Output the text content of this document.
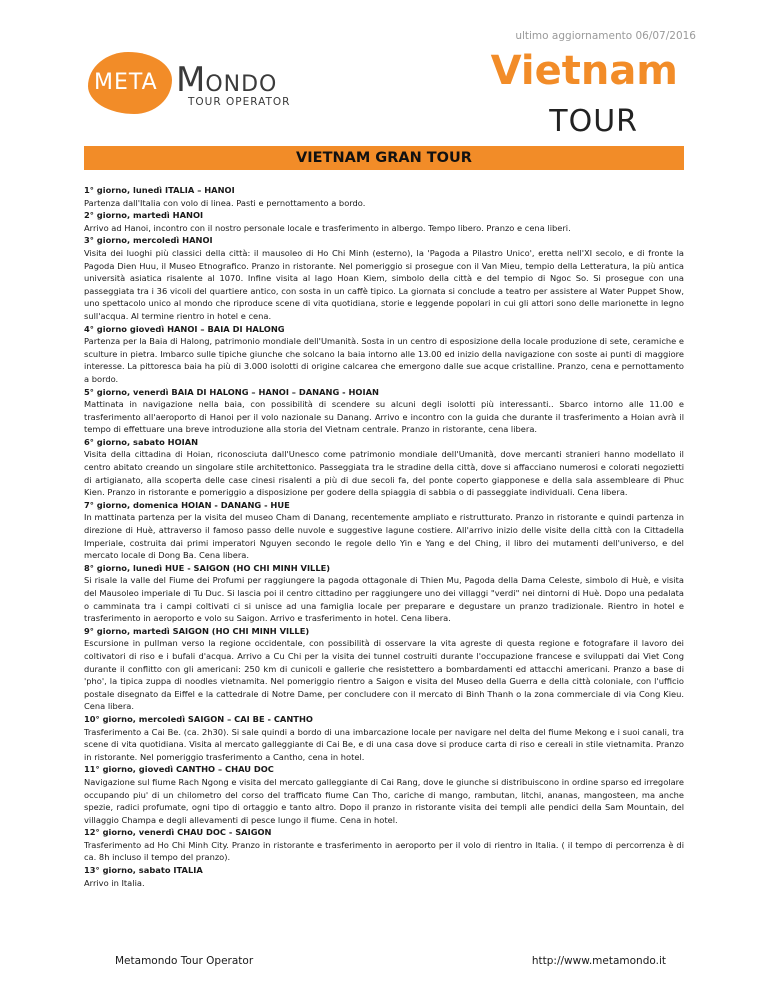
ultimo aggiornamento 06/07/2016
META MONDO
TOUR OPERATOR
Vietnam
TOUR
VIETNAM GRAN TOUR

1° giorno, lunedì ITALIA – HANOI

Partenza dall'Italia con volo di linea. Pasti e pernottamento a bordo.

2° giorno, martedì HANOI

Arrivo ad Hanoi, incontro con il nostro personale locale e trasferimento in albergo. Tempo libero. Pranzo e cena liberi.

3° giorno, mercoledì HANOI

Visita dei luoghi più classici della città: il mausoleo di Ho Chi Minh (esterno), la 'Pagoda a Pilastro Unico', eretta nell'XI secolo, e di fronte la Pagoda Dien Huu, il Museo Etnografico. Pranzo in ristorante. Nel pomeriggio si prosegue con il Van Mieu, tempio della Letteratura, la più antica università asiatica risalente al 1070. Infine visita al lago Hoan Kiem, simbolo della città e del tempio di Ngoc So. Si prosegue con una passeggiata tra i 36 vicoli del quartiere antico, con sosta in un caffè tipico. La giornata si conclude a teatro per assistere al Water Puppet Show, uno spettacolo unico al mondo che riproduce scene di vita quotidiana, storie e leggende popolari in cui gli attori sono delle marionette in legno sull'acqua. Al termine rientro in hotel e cena.

4° giorno giovedì HANOI – BAIA DI HALONG

Partenza per la Baia di Halong, patrimonio mondiale dell'Umanità. Sosta in un centro di esposizione della locale produzione di sete, ceramiche e sculture in pietra. Imbarco sulle tipiche giunche che solcano la baia intorno alle 13.00 ed inizio della navigazione con soste ai punti di maggiore interesse. La pittoresca baia ha più di 3.000 isolotti di origine calcarea che emergono dalle sue acque cristalline. Pranzo, cena e pernottamento a bordo.

5° giorno, venerdì BAIA DI HALONG – HANOI – DANANG - HOIAN

Mattinata in navigazione nella baia, con possibilità di scendere su alcuni degli isolotti più interessanti.. Sbarco intorno alle 11.00 e trasferimento all'aeroporto di Hanoi per il volo nazionale su Danang. Arrivo e incontro con la guida che durante il trasferimento a Hoian avrà il tempo di effettuare una breve introduzione alla storia del Vietnam centrale. Pranzo in ristorante, cena libera.

6° giorno, sabato HOIAN

Visita della cittadina di Hoian, riconosciuta dall'Unesco come patrimonio mondiale dell'Umanità, dove mercanti stranieri hanno modellato il centro abitato creando un singolare stile architettonico. Passeggiata tra le stradine della città, dove si affacciano numerosi e colorati negozietti di artigianato, alla scoperta delle case cinesi risalenti a più di due secoli fa, del ponte coperto giapponese e della sala assembleare di Phuc Kien. Pranzo in ristorante e pomeriggio a disposizione per godere della spiaggia di sabbia o di passeggiate individuali. Cena libera.

7° giorno, domenica HOIAN - DANANG - HUE

In mattinata partenza per la visita del museo Cham di Danang, recentemente ampliato e ristrutturato. Pranzo in ristorante e quindi partenza in direzione di Huè, attraverso il famoso passo delle nuvole e suggestive lagune costiere. All'arrivo inizio delle visite della città con la Cittadella Imperiale, costruita dai primi imperatori Nguyen secondo le regole dello Yin e Yang e del Ching, il libro dei mutamenti dell'universo, e del mercato locale di Dong Ba. Cena libera.

8° giorno, lunedì HUE - SAIGON (HO CHI MINH VILLE)

Si risale la valle del Fiume dei Profumi per raggiungere la pagoda ottagonale di Thien Mu, Pagoda della Dama Celeste, simbolo di Huè, e visita del Mausoleo imperiale di Tu Duc. Si lascia poi il centro cittadino per raggiungere uno dei villaggi "verdi" nei dintorni di Huè. Dopo una pedalata o camminata tra i campi coltivati ci si unisce ad una famiglia locale per preparare e degustare un pranzo tradizionale. Rientro in hotel e trasferimento in aeroporto e volo su Saigon. Arrivo e trasferimento in hotel. Cena libera.

9° giorno, martedì SAIGON (HO CHI MINH VILLE)

Escursione in pullman verso la regione occidentale, con possibilità di osservare la vita agreste di questa regione e fotografare il lavoro dei coltivatori di riso e i bufali d'acqua. Arrivo a Cu Chi per la visita dei tunnel costruiti durante l'occupazione francese e sviluppati dai Viet Cong durante il conflitto con gli americani: 250 km di cunicoli e gallerie che resistettero a bombardamenti ed attacchi americani. Pranzo a base di 'pho', la tipica zuppa di noodles vietnamita. Nel pomeriggio rientro a Saigon e visita del Museo della Guerra e della città coloniale, con l'ufficio postale disegnato da Eiffel e la cattedrale di Notre Dame, per concludere con il mercato di Binh Thanh o la zona commerciale di via Cong Kieu. Cena libera.

10° giorno, mercoledì SAIGON – CAI BE - CANTHO

Trasferimento a Cai Be. (ca. 2h30). Si sale quindi a bordo di una imbarcazione locale per navigare nel delta del fiume Mekong e i suoi canali, tra scene di vita quotidiana. Visita al mercato galleggiante di Cai Be, e di una casa dove si produce carta di riso e cereali in stile vietnamita. Pranzo in ristorante. Nel pomeriggio trasferimento a Cantho, cena in hotel.

11° giorno, giovedì CANTHO – CHAU DOC

Navigazione sul fiume Rach Ngong e visita del mercato galleggiante di Cai Rang, dove le giunche si distribuiscono in ordine sparso ed irregolare occupando piu' di un chilometro del corso del trafficato fiume Can Tho, cariche di mango, rambutan, litchi, ananas, mangosteen, ma anche spezie, radici profumate, ogni tipo di ortaggio e tanto altro. Dopo il pranzo in ristorante visita dei templi alle pendici della Sam Mountain, del villaggio Champa e degli allevamenti di pesce lungo il fiume. Cena in hotel.

12° giorno, venerdì CHAU DOC - SAIGON

Trasferimento ad Ho Chi Minh City. Pranzo in ristorante e trasferimento in aeroporto per il volo di rientro in Italia. ( il tempo di percorrenza è di ca. 8h incluso il tempo del pranzo).

13° giorno, sabato ITALIA

Arrivo in Italia.

Metamondo Tour Operator	http://www.metamondo.it
